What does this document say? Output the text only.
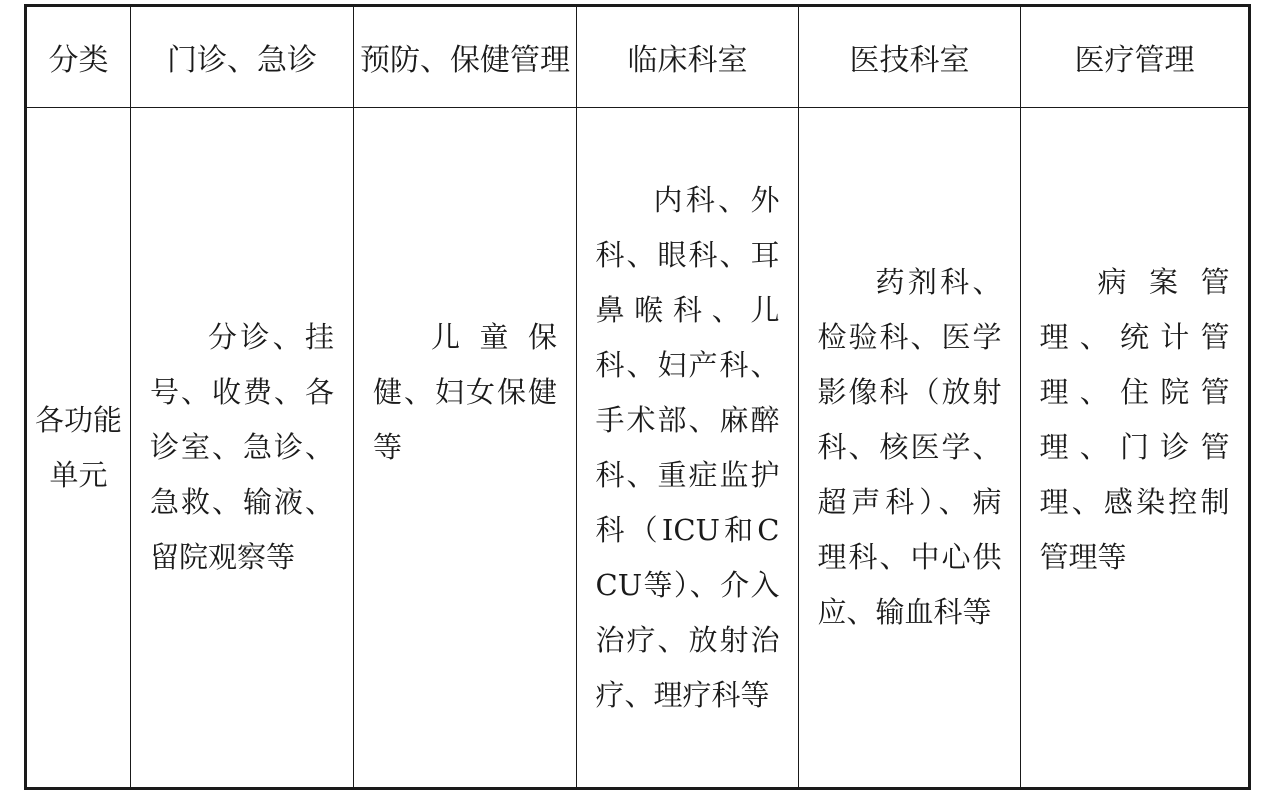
分类	门诊、急诊	预防、保健管理	临床科室	医技科室	医疗管理
各功能单元	分诊、挂号、收费、各诊室、急诊、急救、输液、留院观察等	儿童保健、妇女保健等	内科、外科、眼科、耳鼻喉科、儿科、妇产科、手术部、麻醉科、重症监护科（ICU和CCU等）、介入治疗、放射治疗、理疗科等	药剂科、检验科、医学影像科（放射科、核医学、超声科）、病理科、中心供应、输血科等	病案管理、统计管理、住院管理、门诊管理、感染控制管理等
